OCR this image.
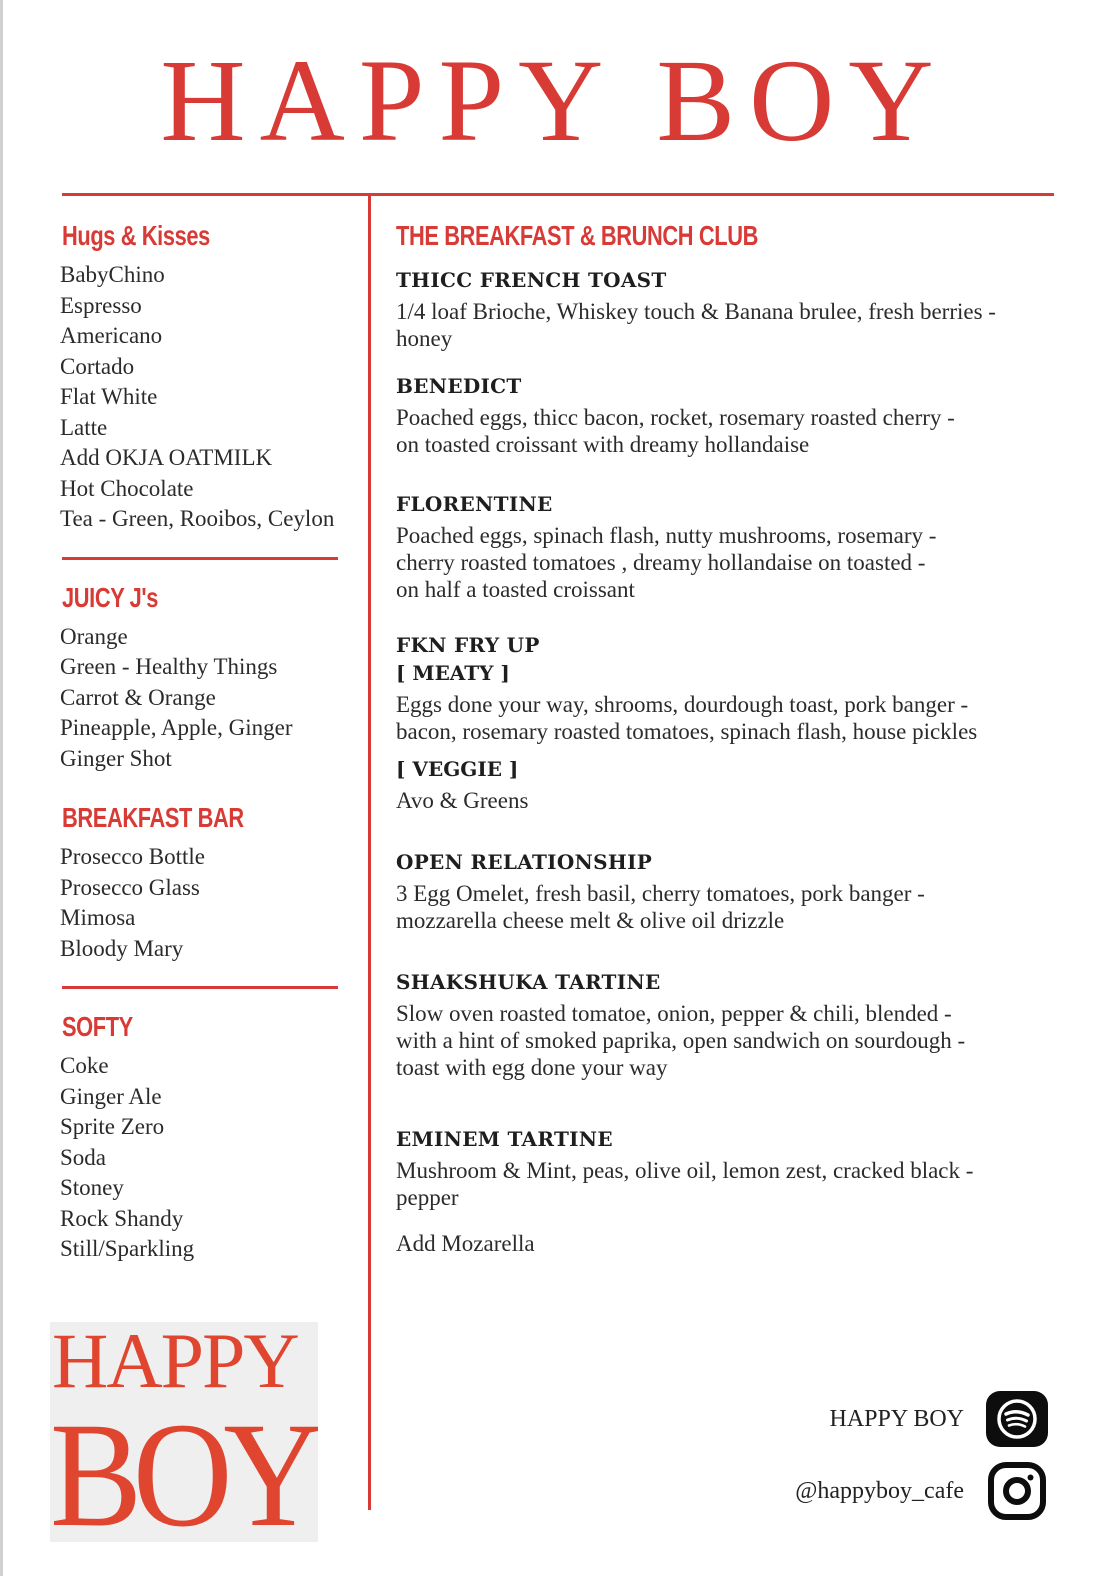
HAPPY BOY
Hugs & Kisses
BabyChino
Espresso
Americano
Cortado
Flat White
Latte
Add OKJA OATMILK
Hot Chocolate
Tea - Green, Rooibos, Ceylon
JUICY J's
Orange
Green - Healthy Things
Carrot & Orange
Pineapple, Apple, Ginger
Ginger Shot
BREAKFAST BAR
Prosecco Bottle
Prosecco Glass
Mimosa
Bloody Mary
SOFTY
Coke
Ginger Ale
Sprite Zero
Soda
Stoney
Rock Shandy
Still/Sparkling
THE BREAKFAST & BRUNCH CLUB
THICC FRENCH TOAST
1/4 loaf Brioche, Whiskey touch & Banana brulee, fresh berries -
honey
BENEDICT
Poached eggs, thicc bacon, rocket, rosemary roasted cherry -
on toasted croissant with dreamy hollandaise
FLORENTINE
Poached eggs, spinach flash, nutty mushrooms, rosemary -
cherry roasted tomatoes , dreamy hollandaise on toasted -
on half a toasted croissant
FKN FRY UP
[ MEATY ]
Eggs done your way, shrooms, dourdough toast, pork banger -
bacon, rosemary roasted tomatoes, spinach flash, house pickles
[ VEGGIE ]
Avo & Greens
OPEN RELATIONSHIP
3 Egg Omelet, fresh basil, cherry tomatoes, pork banger -
mozzarella cheese melt & olive oil drizzle
SHAKSHUKA TARTINE
Slow oven roasted tomatoe, onion, pepper & chili, blended -
with a hint of smoked paprika, open sandwich on sourdough -
toast with egg done your way
EMINEM TARTINE
Mushroom & Mint, peas, olive oil, lemon zest, cracked black -
pepper
Add Mozarella
HAPPY
BOY	HAPPY BOY
@happyboy_cafe
